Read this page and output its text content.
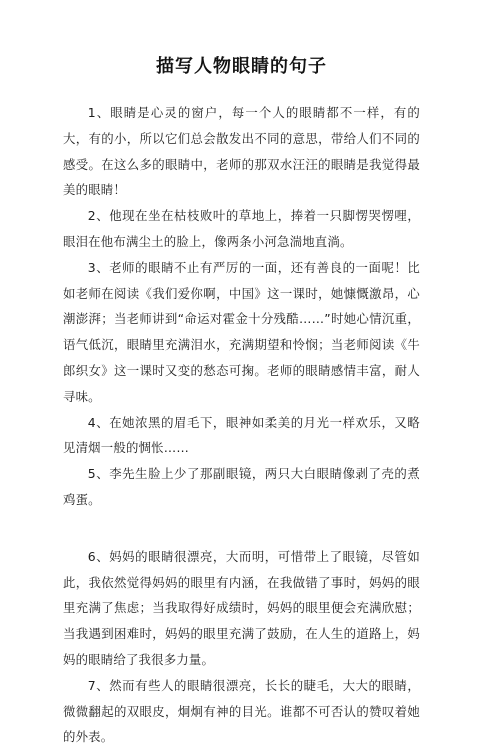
描写人物眼睛的句子

1、眼睛是心灵的窗户，每一个人的眼睛都不一样，有的大，有的小，所以它们总会散发出不同的意思，带给人们不同的感受。在这么多的眼睛中，老师的那双水汪汪的眼睛是我觉得最美的眼睛！

2、他现在坐在枯枝败叶的草地上，捧着一只脚愣哭愣哩，眼泪在他布满尘土的脸上，像两条小河急湍地直淌。

3、老师的眼睛不止有严厉的一面，还有善良的一面呢！比如老师在阅读《我们爱你啊，中国》这一课时，她慷慨激昂，心潮澎湃；当老师讲到“命运对霍金十分残酷……”时她心情沉重，语气低沉，眼睛里充满泪水，充满期望和怜悯；当老师阅读《牛郎织女》这一课时又变的愁态可掬。老师的眼睛感情丰富，耐人寻味。

4、在她浓黑的眉毛下，眼神如柔美的月光一样欢乐，又略见清烟一般的惆怅……

5、李先生脸上少了那副眼镜，两只大白眼睛像剥了壳的煮鸡蛋。

6、妈妈的眼睛很漂亮，大而明，可惜带上了眼镜，尽管如此，我依然觉得妈妈的眼里有内涵，在我做错了事时，妈妈的眼里充满了焦虑；当我取得好成绩时，妈妈的眼里便会充满欣慰；当我遇到困难时，妈妈的眼里充满了鼓励，在人生的道路上，妈妈的眼睛给了我很多力量。

7、然而有些人的眼睛很漂亮，长长的睫毛，大大的眼睛，微微翻起的双眼皮，炯炯有神的目光。谁都不可否认的赞叹着她的外表。
